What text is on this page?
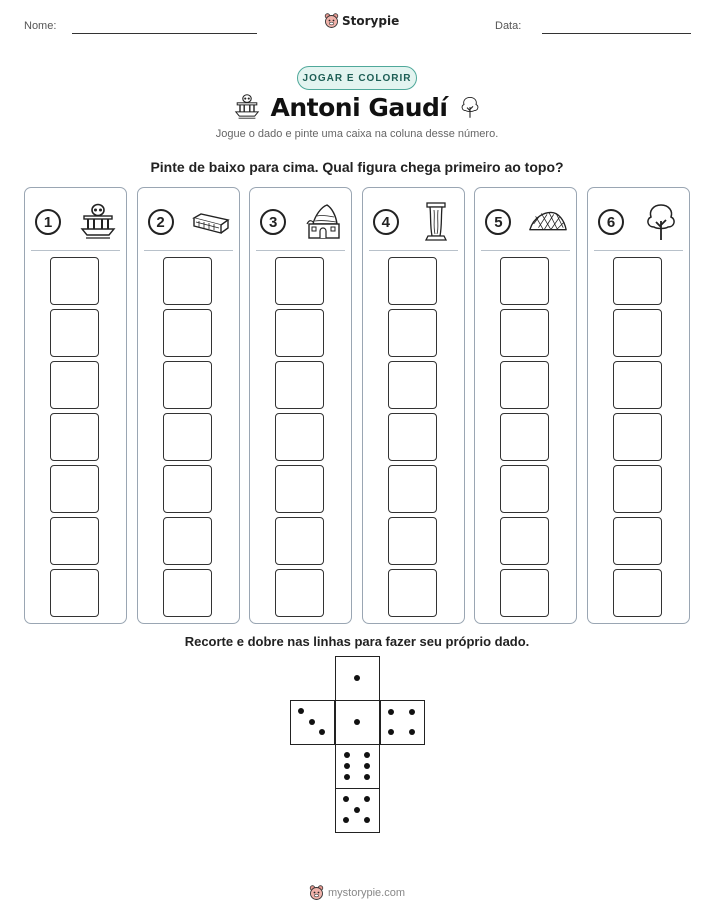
Nome:	Storypie	Data:
JOGAR E COLORIR
Antoni Gaudí
Jogue o dado e pinte uma caixa na coluna desse número.
Pinte de baixo para cima. Qual figura chega primeiro ao topo?
1	2	3	4	5	6
Recorte e dobre nas linhas para fazer seu próprio dado.
mystorypie.com
